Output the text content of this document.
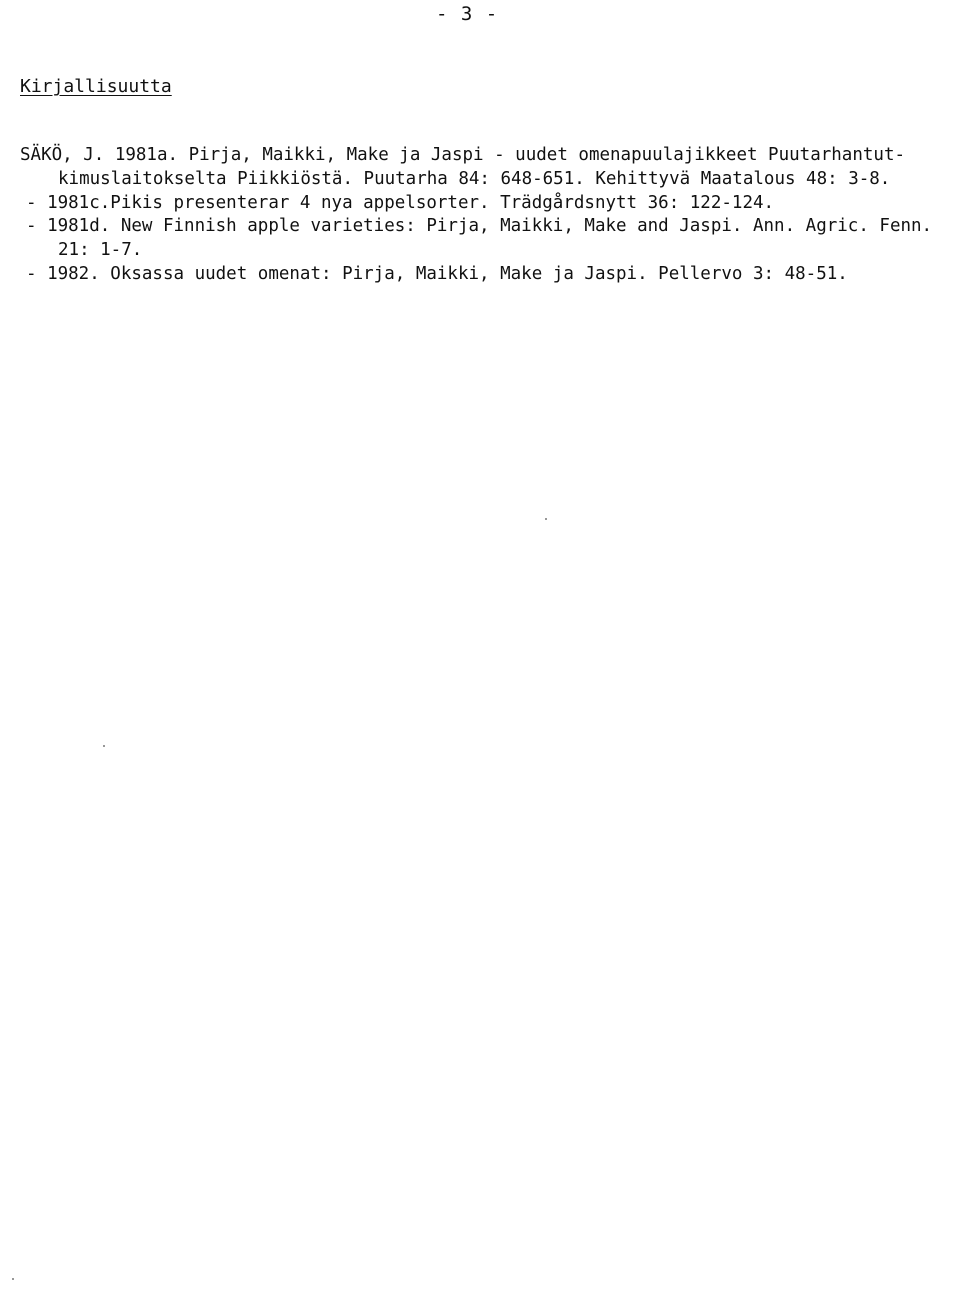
- 3 -
Kirjallisuutta
SÄKÖ, J. 1981a. Pirja, Maikki, Make ja Jaspi - uudet omenapuulajikkeet Puutarhantut-
kimuslaitokselta Piikkiöstä. Puutarha 84: 648-651. Kehittyvä Maatalous 48: 3-8.
- 1981c.Pikis presenterar 4 nya appelsorter. Trädgårdsnytt 36: 122-124.
- 1981d. New Finnish apple varieties: Pirja, Maikki, Make and Jaspi. Ann. Agric. Fenn.
21: 1-7.
- 1982. Oksassa uudet omenat: Pirja, Maikki, Make ja Jaspi. Pellervo 3: 48-51.
